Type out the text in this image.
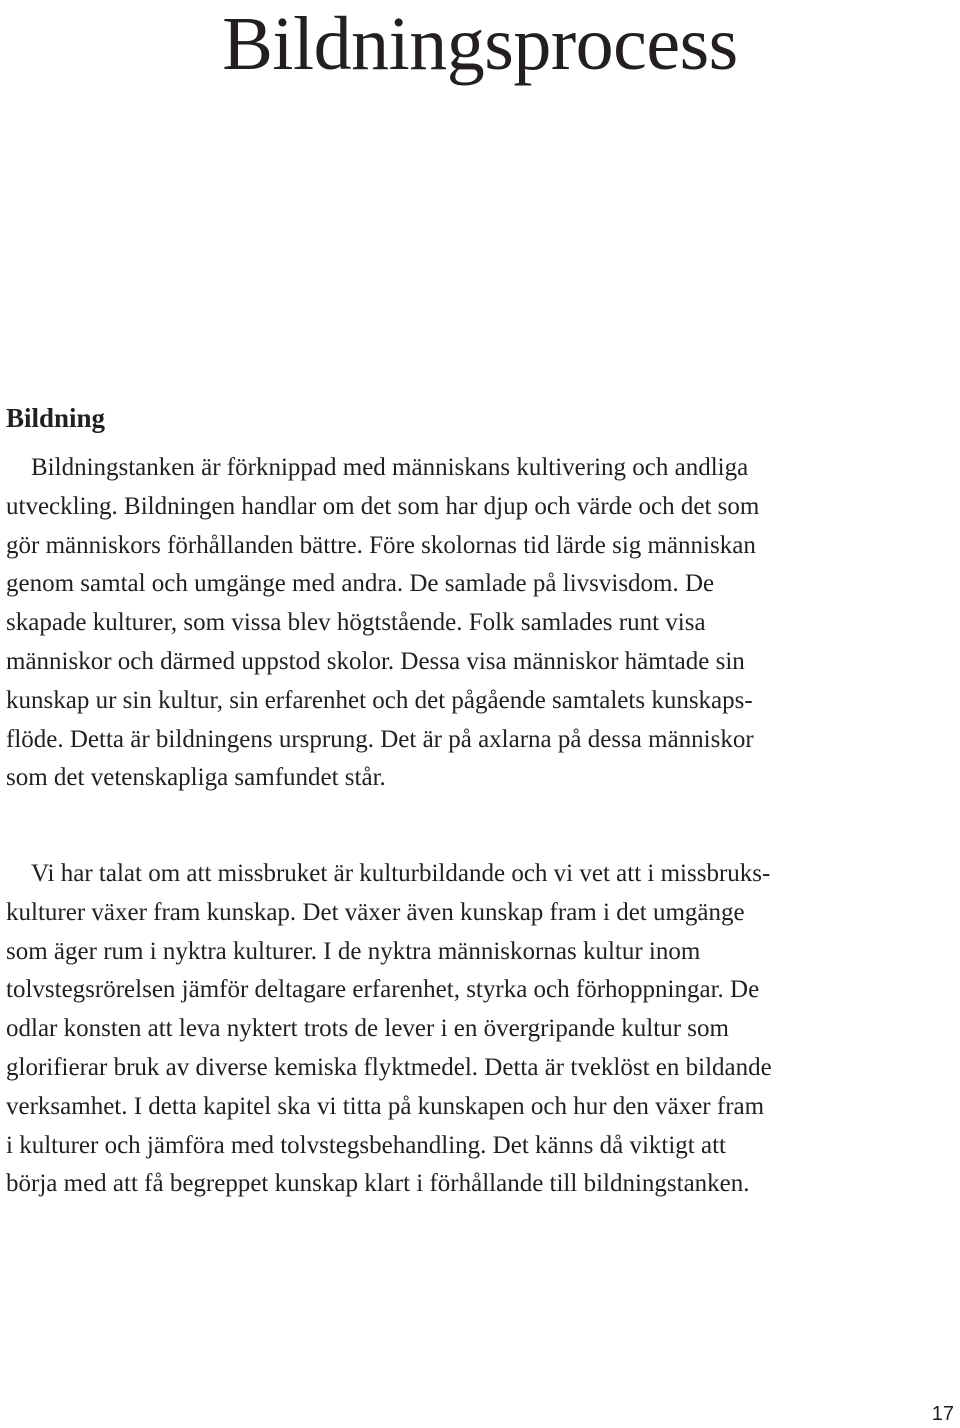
Bildningsprocess
Bildning

Bildningstanken är förknippad med människans kultivering och andliga
utveckling. Bildningen handlar om det som har djup och värde och det som
gör människors förhållanden bättre. Före skolornas tid lärde sig människan
genom samtal och umgänge med andra. De samlade på livsvisdom. De
skapade kulturer, som vissa blev högtstående. Folk samlades runt visa
människor och därmed uppstod skolor. Dessa visa människor hämtade sin
kunskap ur sin kultur, sin erfarenhet och det pågående samtalets kunskaps-
flöde. Detta är bildningens ursprung. Det är på axlarna på dessa människor
som det vetenskapliga samfundet står.

Vi har talat om att missbruket är kulturbildande och vi vet att i missbruks-
kulturer växer fram kunskap. Det växer även kunskap fram i det umgänge
som äger rum i nyktra kulturer. I de nyktra människornas kultur inom
tolvstegsrörelsen jämför deltagare erfarenhet, styrka och förhoppningar. De
odlar konsten att leva nyktert trots de lever i en övergripande kultur som
glorifierar bruk av diverse kemiska flyktmedel. Detta är tveklöst en bildande
verksamhet. I detta kapitel ska vi titta på kunskapen och hur den växer fram
i kulturer och jämföra med tolvstegsbehandling. Det känns då viktigt att
börja med att få begreppet kunskap klart i förhållande till bildningstanken.

17
